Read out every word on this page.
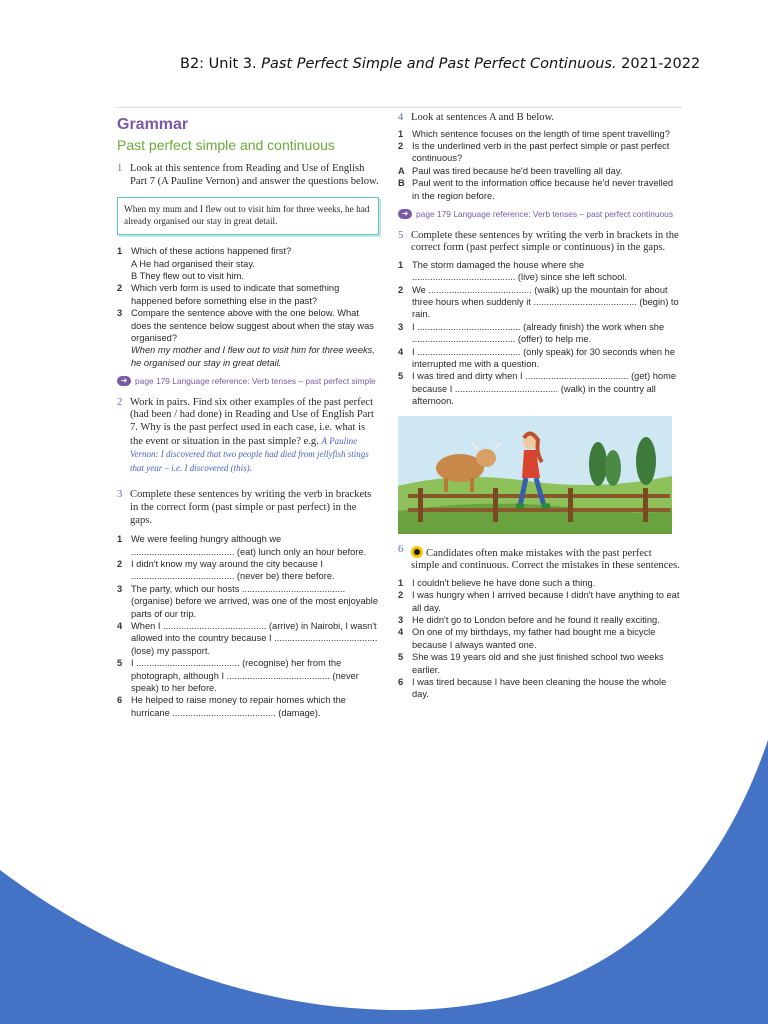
B2: Unit 3. Past Perfect Simple and Past Perfect Continuous. 2021-2022
Grammar
Past perfect simple and continuous
1 Look at this sentence from Reading and Use of English Part 7 (A Pauline Vernon) and answer the questions below.
When my mum and I flew out to visit him for three weeks, he had already organised our stay in great detail.
1 Which of these actions happened first?
A He had organised their stay.
B They flew out to visit him.
2 Which verb form is used to indicate that something happened before something else in the past?
3 Compare the sentence above with the one below. What does the sentence below suggest about when the stay was organised?
When my mother and I flew out to visit him for three weeks, he organised our stay in great detail.
➜ page 179 Language reference: Verb tenses – past perfect simple
2 Work in pairs. Find six other examples of the past perfect (had been / had done) in Reading and Use of English Part 7. Why is the past perfect used in each case, i.e. what is the event or situation in the past simple? e.g. A Pauline Vernon: I discovered that two people had died from jellyfish stings that year – i.e. I discovered (this).
3 Complete these sentences by writing the verb in brackets in the correct form (past simple or past perfect) in the gaps.
1 We were feeling hungry although we ........................................ (eat) lunch only an hour before.
2 I didn't know my way around the city because I ........................................ (never be) there before.
3 The party, which our hosts ........................................ (organise) before we arrived, was one of the most enjoyable parts of our trip.
4 When I ........................................ (arrive) in Nairobi, I wasn't allowed into the country because I ........................................ (lose) my passport.
5 I ........................................ (recognise) her from the photograph, although I ........................................ (never speak) to her before.
6 He helped to raise money to repair homes which the hurricane ........................................ (damage).
4 Look at sentences A and B below.
1 Which sentence focuses on the length of time spent travelling?
2 Is the underlined verb in the past perfect simple or past perfect continuous?
A Paul was tired because he'd been travelling all day.
B Paul went to the information office because he'd never travelled in the region before.
➜ page 179 Language reference: Verb tenses – past perfect continuous
5 Complete these sentences by writing the verb in brackets in the correct form (past perfect simple or continuous) in the gaps.
1 The storm damaged the house where she ........................................ (live) since she left school.
2 We ........................................ (walk) up the mountain for about three hours when suddenly it ........................................ (begin) to rain.
3 I ........................................ (already finish) the work when she ........................................ (offer) to help me.
4 I ........................................ (only speak) for 30 seconds when he interrupted me with a question.
5 I was tired and dirty when I ........................................ (get) home because I ........................................ (walk) in the country all afternoon.
6	Candidates often make mistakes with the past perfect simple and continuous. Correct the mistakes in these sentences.
1 I couldn't believe he have done such a thing.
2 I was hungry when I arrived because I didn't have anything to eat all day.
3 He didn't go to London before and he found it really exciting.
4 On one of my birthdays, my father had bought me a bicycle because I always wanted one.
5 She was 19 years old and she just finished school two weeks earlier.
6 I was tired because I have been cleaning the house the whole day.
